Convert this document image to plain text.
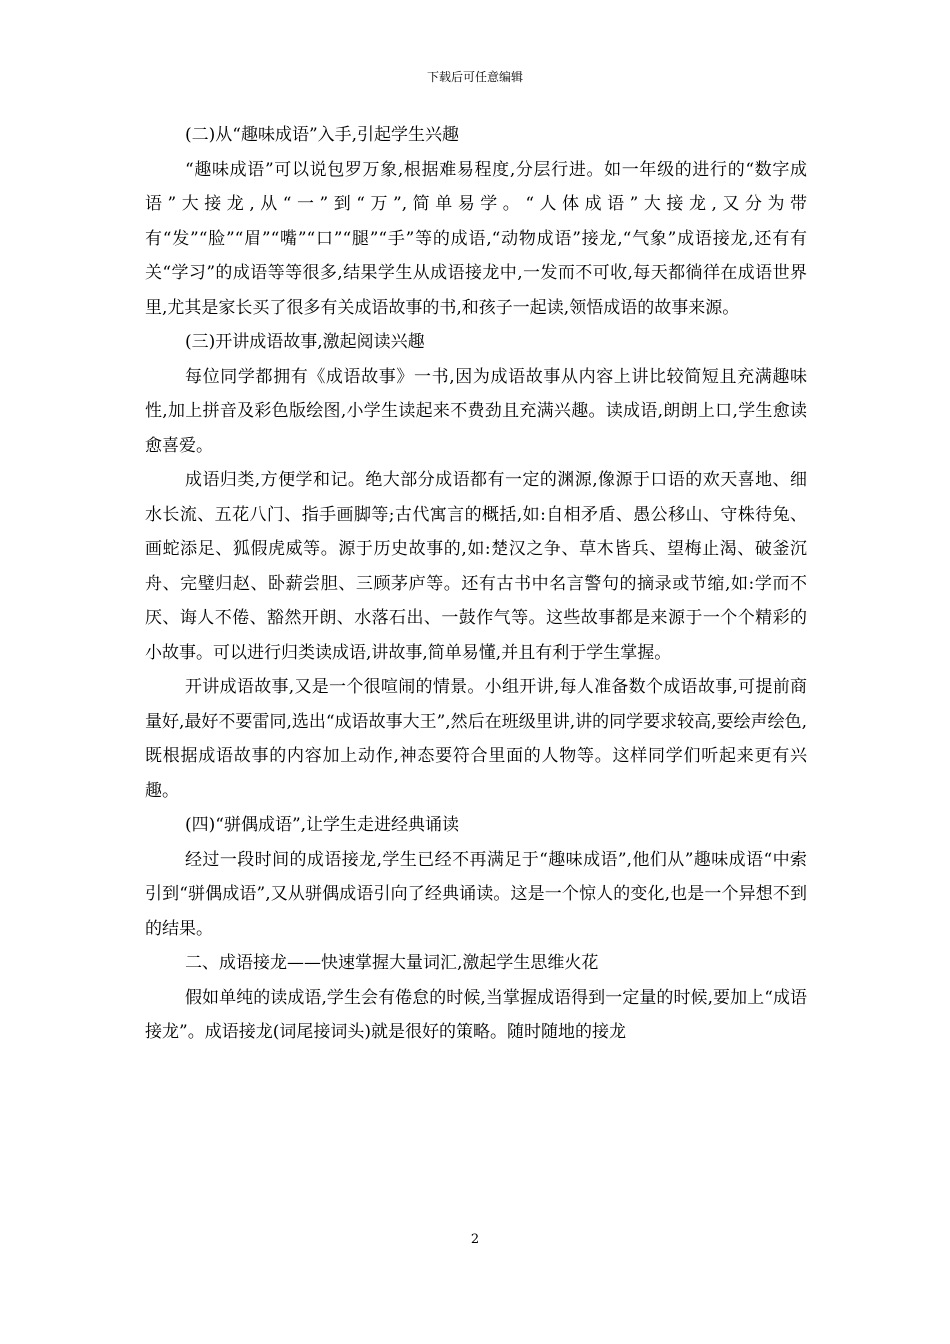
下载后可任意编辑

(二)从“趣味成语”入手,引起学生兴趣

“趣味成语”可以说包罗万象,根据难易程度,分层行进。如一年级的进行的“数字成语”大接龙,从“一”到“万”,简单易学。“人体成语”大接龙,又分为带有“发”“脸”“眉”“嘴”“口”“腿”“手”等的成语,“动物成语”接龙,“气象”成语接龙,还有有关“学习”的成语等等很多,结果学生从成语接龙中,一发而不可收,每天都徜徉在成语世界里,尤其是家长买了很多有关成语故事的书,和孩子一起读,领悟成语的故事来源。

(三)开讲成语故事,激起阅读兴趣

每位同学都拥有《成语故事》一书,因为成语故事从内容上讲比较简短且充满趣味性,加上拼音及彩色版绘图,小学生读起来不费劲且充满兴趣。读成语,朗朗上口,学生愈读愈喜爱。

成语归类,方便学和记。绝大部分成语都有一定的渊源,像源于口语的欢天喜地、细水长流、五花八门、指手画脚等;古代寓言的概括,如:自相矛盾、愚公移山、守株待兔、画蛇添足、狐假虎威等。源于历史故事的,如:楚汉之争、草木皆兵、望梅止渴、破釜沉舟、完璧归赵、卧薪尝胆、三顾茅庐等。还有古书中名言警句的摘录或节缩,如:学而不厌、诲人不倦、豁然开朗、水落石出、一鼓作气等。这些故事都是来源于一个个精彩的小故事。可以进行归类读成语,讲故事,简单易懂,并且有利于学生掌握。

开讲成语故事,又是一个很喧闹的情景。小组开讲,每人准备数个成语故事,可提前商量好,最好不要雷同,选出“成语故事大王”,然后在班级里讲,讲的同学要求较高,要绘声绘色,既根据成语故事的内容加上动作,神态要符合里面的人物等。这样同学们听起来更有兴趣。

(四)“骈偶成语”,让学生走进经典诵读

经过一段时间的成语接龙,学生已经不再满足于“趣味成语”,他们从”趣味成语“中索引到“骈偶成语”,又从骈偶成语引向了经典诵读。这是一个惊人的变化,也是一个异想不到的结果。

二、成语接龙——快速掌握大量词汇,激起学生思维火花

假如单纯的读成语,学生会有倦怠的时候,当掌握成语得到一定量的时候,要加上“成语接龙”。成语接龙(词尾接词头)就是很好的策略。随时随地的接龙

2
